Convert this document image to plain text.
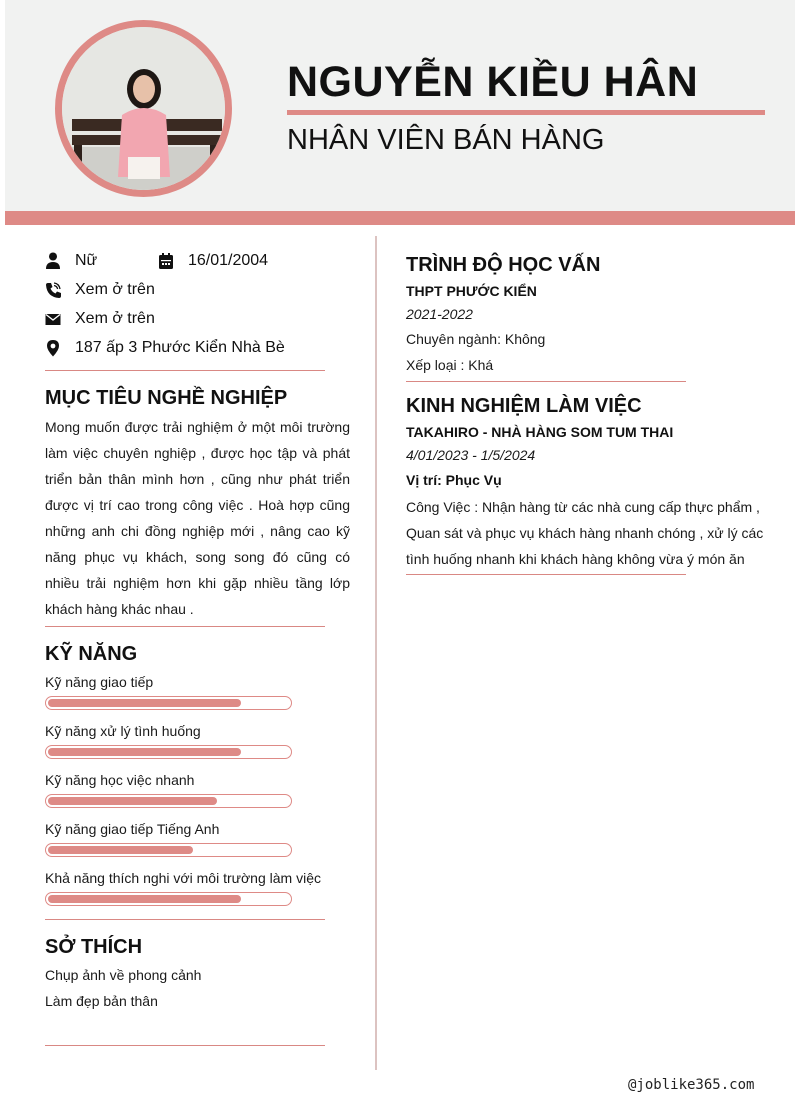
NGUYỄN KIỀU HÂN
NHÂN VIÊN BÁN HÀNG
Nữ	16/01/2004
Xem ở trên
Xem ở trên
187 ấp 3 Phước Kiển Nhà Bè
MỤC TIÊU NGHỀ NGHIỆP
Mong muốn được trải nghiệm ở một môi trường làm việc chuyên nghiệp , được học tập và phát triển bản thân mình hơn , cũng như phát triển được vị trí cao trong công việc . Hoà hợp cũng những anh chi đồng nghiệp mới , nâng cao kỹ năng phục vụ khách, song song đó cũng có nhiều trải nghiệm hơn khi gặp nhiều tầng lớp khách hàng khác nhau .
KỸ NĂNG
Kỹ năng giao tiếp
Kỹ năng xử lý tình huống
Kỹ năng học việc nhanh
Kỹ năng giao tiếp Tiếng Anh
Khả năng thích nghi với môi trường làm việc
SỞ THÍCH
Chụp ảnh về phong cảnh
Làm đẹp bản thân
TRÌNH ĐỘ HỌC VẤN
THPT PHƯỚC KIỂN
2021-2022
Chuyên ngành: Không
Xếp loại : Khá
KINH NGHIỆM LÀM VIỆC
TAKAHIRO - NHÀ HÀNG SOM TUM THAI
4/01/2023 - 1/5/2024
Vị trí: Phục Vụ
Công Việc : Nhận hàng từ các nhà cung cấp thực phẩm , Quan sát và phục vụ khách hàng nhanh chóng , xử lý các tình huống nhanh khi khách hàng không vừa ý món ăn
@joblike365.com
